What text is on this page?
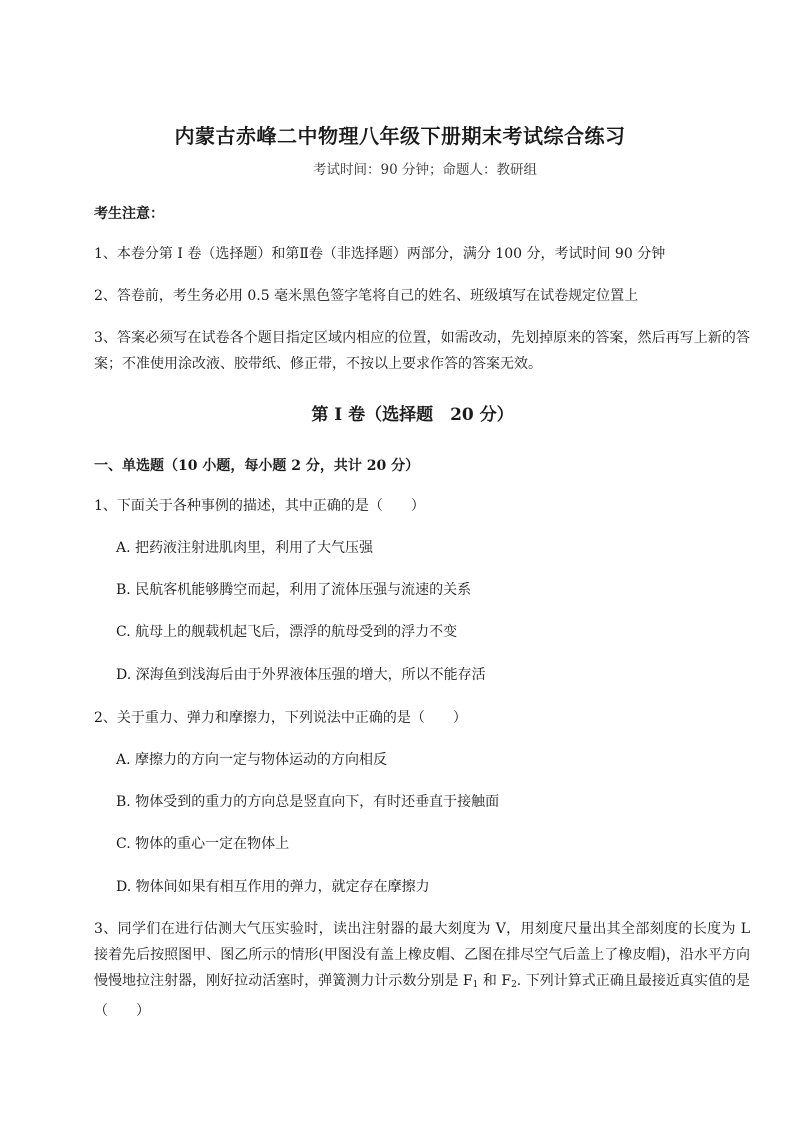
内蒙古赤峰二中物理八年级下册期末考试综合练习
考试时间：90 分钟；命题人：教研组
考生注意：
1、本卷分第 I 卷（选择题）和第Ⅱ卷（非选择题）两部分，满分 100 分，考试时间 90 分钟
2、答卷前，考生务必用 0.5 毫米黑色签字笔将自己的姓名、班级填写在试卷规定位置上
3、答案必须写在试卷各个题目指定区域内相应的位置，如需改动，先划掉原来的答案，然后再写上新的答案；不准使用涂改液、胶带纸、修正带，不按以上要求作答的答案无效。
第 I 卷（选择题　20 分）
一、单选题（10 小题，每小题 2 分，共计 20 分）
1、下面关于各种事例的描述，其中正确的是（　　）
A. 把药液注射进肌肉里，利用了大气压强
B. 民航客机能够腾空而起，利用了流体压强与流速的关系
C. 航母上的舰载机起飞后，漂浮的航母受到的浮力不变
D. 深海鱼到浅海后由于外界液体压强的增大，所以不能存活
2、关于重力、弹力和摩擦力，下列说法中正确的是（　　）
A. 摩擦力的方向一定与物体运动的方向相反
B. 物体受到的重力的方向总是竖直向下，有时还垂直于接触面
C. 物体的重心一定在物体上
D. 物体间如果有相互作用的弹力，就定存在摩擦力
3、同学们在进行估测大气压实验时，读出注射器的最大刻度为 V，用刻度尺量出其全部刻度的长度为 L 接着先后按照图甲、图乙所示的情形(甲图没有盖上橡皮帽、乙图在排尽空气后盖上了橡皮帽)，沿水平方向慢慢地拉注射器，刚好拉动活塞时，弹簧测力计示数分别是 $F_1$ 和 $F_2$. 下列计算式正确且最接近真实值的是（　　）
